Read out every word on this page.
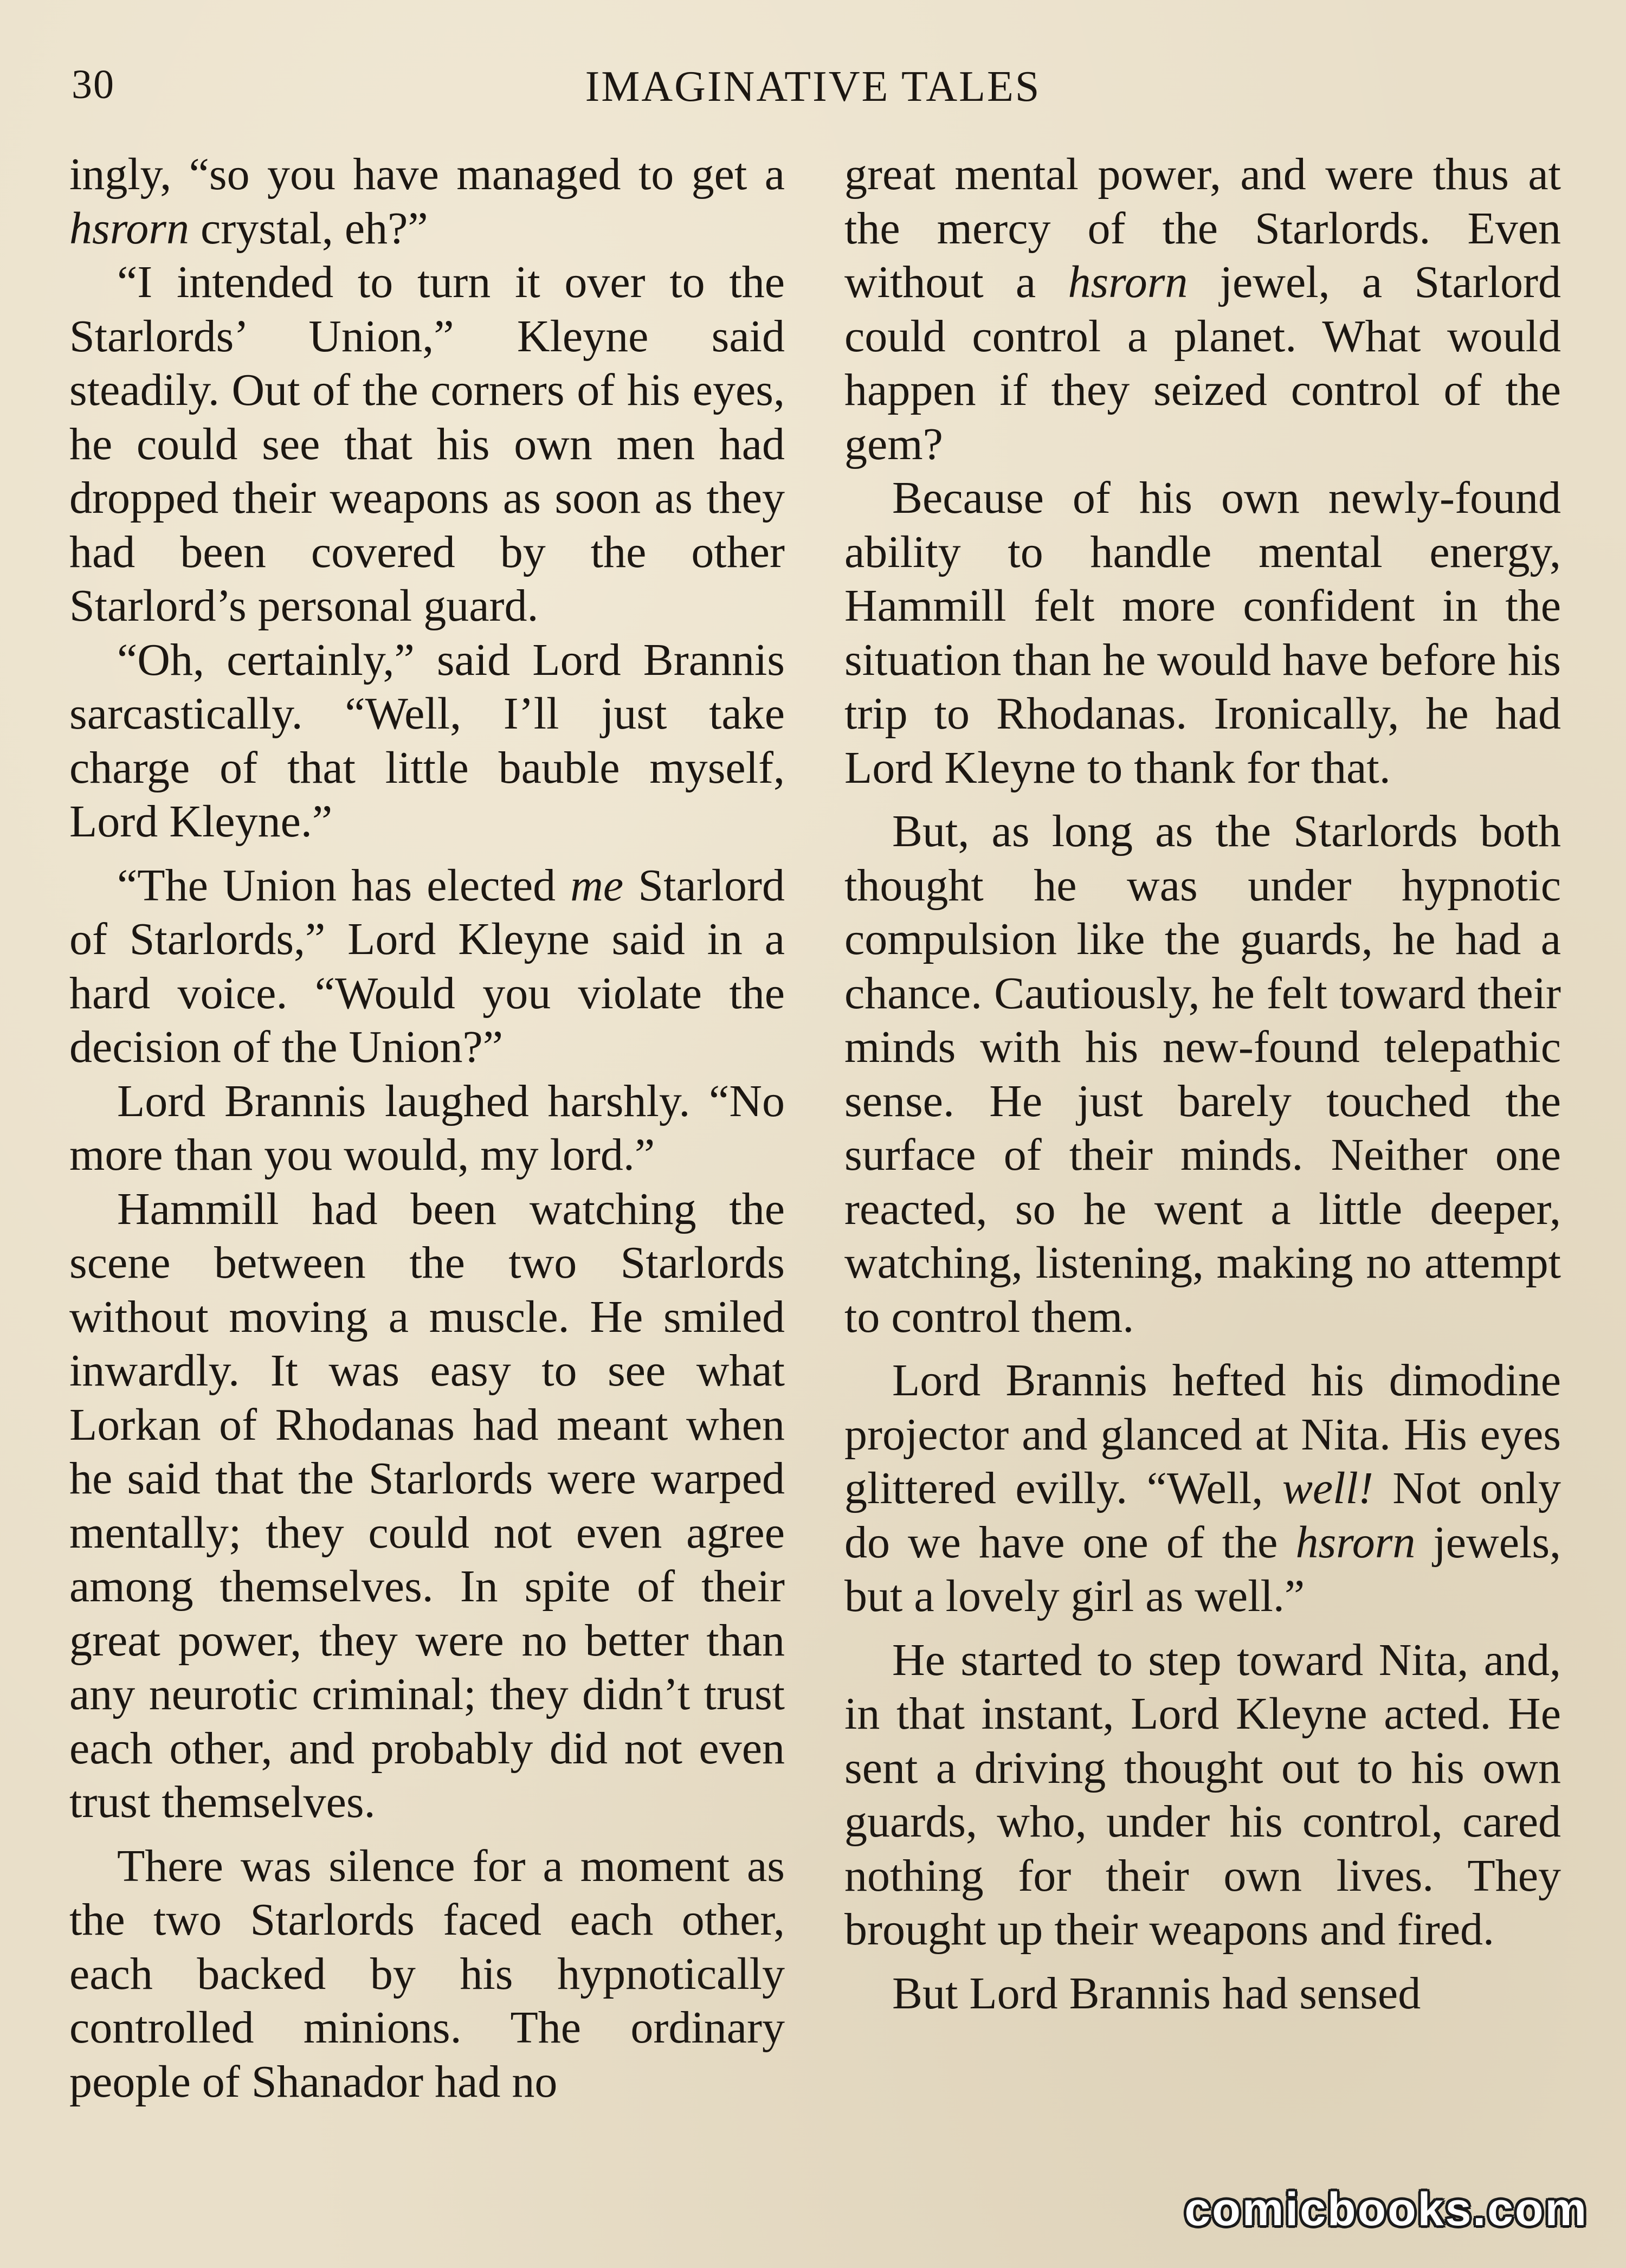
30	IMAGINATIVE TALES

ingly, “so you have managed to get a hsrorn crystal, eh?”

“I intended to turn it over to the Starlords’ Union,” Kleyne said steadily. Out of the corners of his eyes, he could see that his own men had dropped their weapons as soon as they had been covered by the other Starlord’s personal guard.

“Oh, certainly,” said Lord Brannis sarcastically. “Well, I’ll just take charge of that little bauble myself, Lord Kleyne.”

“The Union has elected me Starlord of Starlords,” Lord Kleyne said in a hard voice. “Would you violate the decision of the Union?”

Lord Brannis laughed harshly. “No more than you would, my lord.”

Hammill had been watching the scene between the two Starlords without moving a muscle. He smiled inwardly. It was easy to see what Lorkan of Rhodanas had meant when he said that the Starlords were warped mentally; they could not even agree among themselves. In spite of their great power, they were no better than any neurotic criminal; they didn’t trust each other, and probably did not even trust themselves.

There was silence for a moment as the two Starlords faced each other, each backed by his hypnotically controlled minions. The ordinary people of Shanador had no

great mental power, and were thus at the mercy of the Starlords. Even without a hsrorn jewel, a Starlord could control a planet. What would happen if they seized control of the gem?

Because of his own newly-found ability to handle mental energy, Hammill felt more confident in the situation than he would have before his trip to Rhodanas. Ironically, he had Lord Kleyne to thank for that.

But, as long as the Starlords both thought he was under hypnotic compulsion like the guards, he had a chance. Cautiously, he felt toward their minds with his new-found telepathic sense. He just barely touched the surface of their minds. Neither one reacted, so he went a little deeper, watching, listening, making no attempt to control them.

Lord Brannis hefted his dimodine projector and glanced at Nita. His eyes glittered evilly. “Well, well! Not only do we have one of the hsrorn jewels, but a lovely girl as well.”

He started to step toward Nita, and, in that instant, Lord Kleyne acted. He sent a driving thought out to his own guards, who, under his control, cared nothing for their own lives. They brought up their weapons and fired.

But Lord Brannis had sensed

comicbooks.com
